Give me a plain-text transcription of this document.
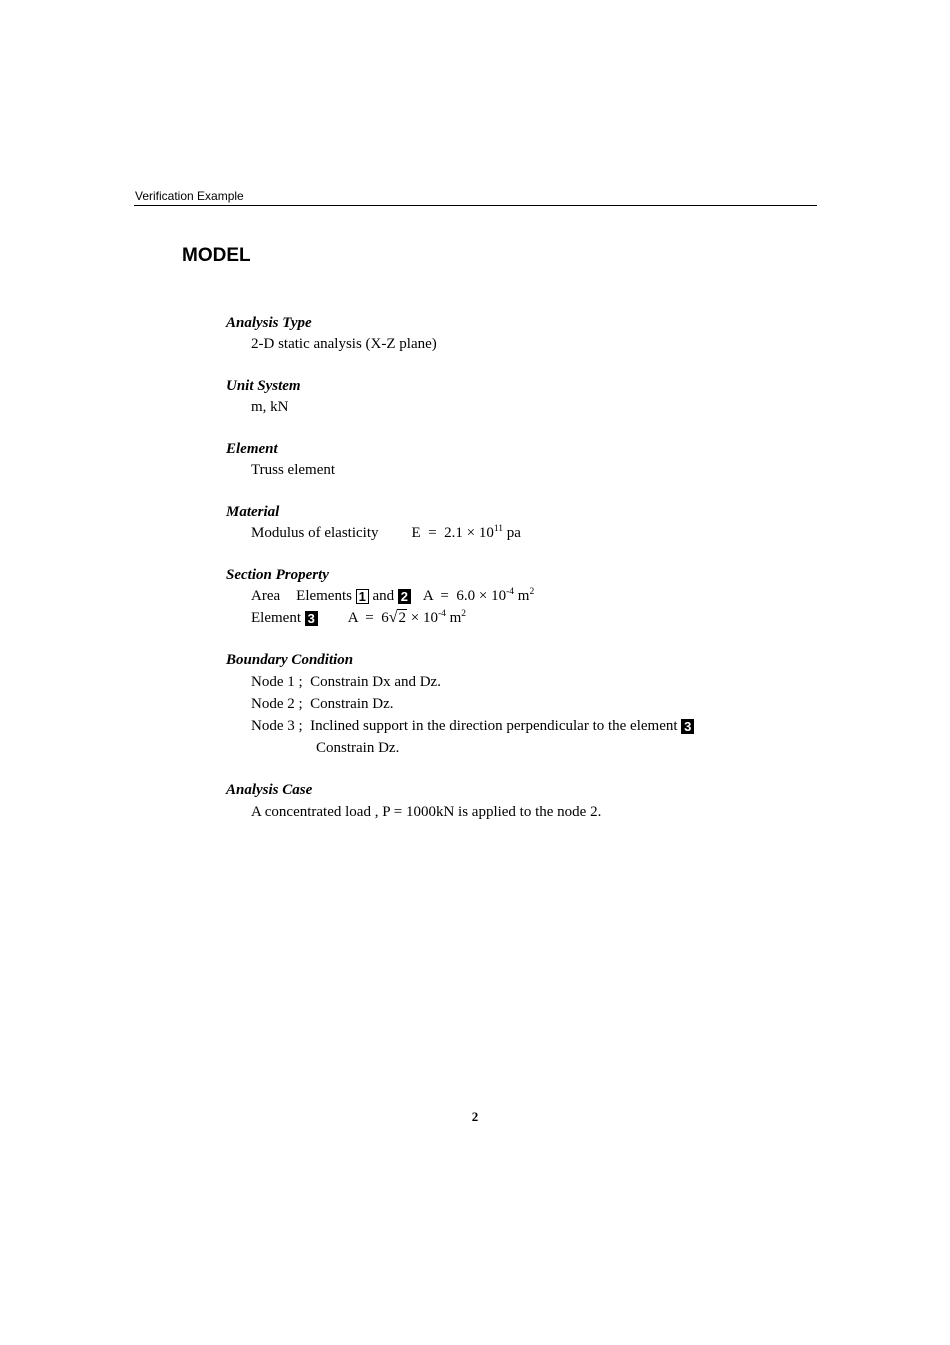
Verification Example
MODEL
Analysis Type
2-D static analysis (X-Z plane)
Unit System
m, kN
Element
Truss element
Material
Modulus of elasticity $E = 2.1 \times 10^{11}$ pa
Section Property
Area Elements 1 and 2 $A = 6.0 \times 10^{-4}$ $m^2$
Element 3 $A = 6√2 \times 10^{-4}$ $m^2$
Boundary Condition
Node 1 ;  Constrain Dx and Dz.
Node 2 ;  Constrain Dz.
Node 3 ;  Inclined support in the direction perpendicular to the element 3
Constrain Dz.
Analysis Case
A concentrated load , P = 1000kN is applied to the node 2.
2
